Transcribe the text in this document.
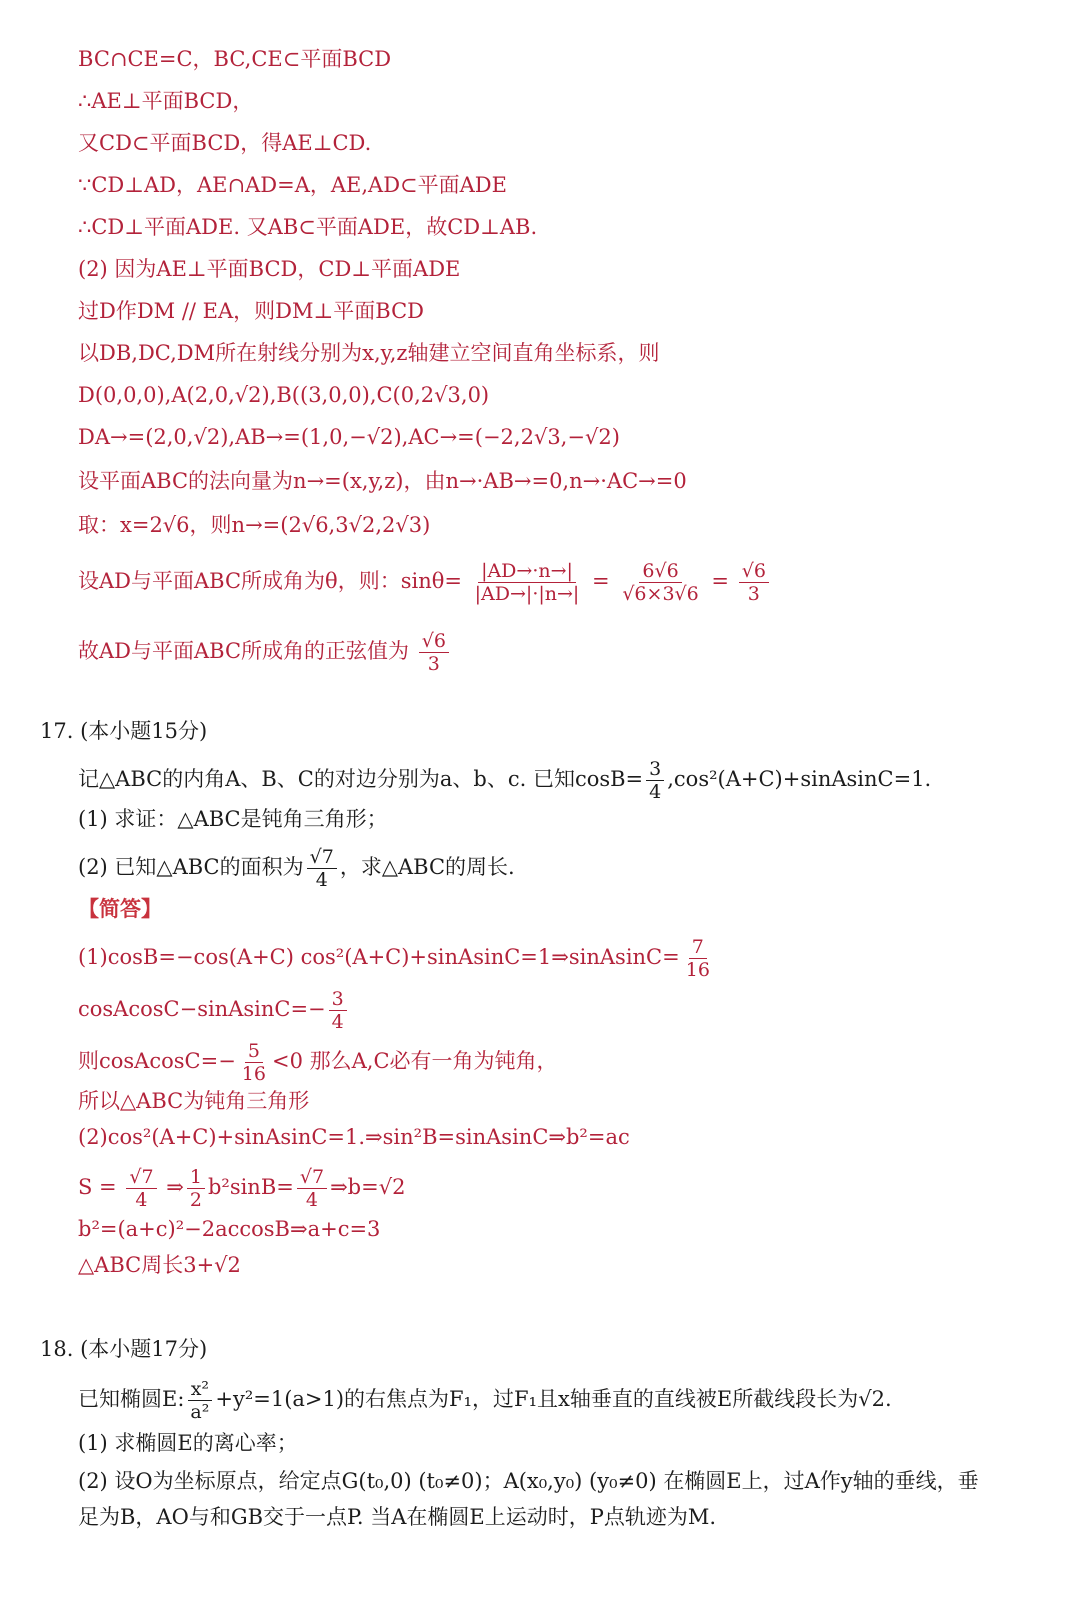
BC∩CE=C，BC,CE⊂平面BCD
∴AE⊥平面BCD，
又CD⊂平面BCD，得AE⊥CD.
∵CD⊥AD，AE∩AD=A，AE,AD⊂平面ADE
∴CD⊥平面ADE. 又AB⊂平面ADE，故CD⊥AB.
(2) 因为AE⊥平面BCD，CD⊥平面ADE
过D作DM // EA，则DM⊥平面BCD
以DB,DC,DM所在射线分别为x,y,z轴建立空间直角坐标系，则
D(0,0,0),A(2,0,√2),B((3,0,0),C(0,2√3,0)
DA→=(2,0,√2),AB→=(1,0,−√2),AC→=(−2,2√3,−√2)
设平面ABC的法向量为n→=(x,y,z)，由n→·AB→=0,n→·AC→=0
取：x=2√6，则n→=(2√6,3√2,2√3)
设AD与平面ABC所成角为θ，则：$\sin\theta= \frac{|AD\to\cdot n\to|}{|AD\to|\cdot|n\to|} = \frac{6√6}{√6\times 3√6} = \frac{√6}{3}$
故AD与平面ABC所成角的正弦值为 $\frac{√6}{3}$
17. (本小题15分)
记△ABC的内角A、B、C的对边分别为a、b、c. 已知$\cos B= \frac{3}{4}$ ,cos²(A+C)+sinAsinC=1.
(1) 求证：△ABC是钝角三角形；
(2) 已知△ABC的面积为 $\frac{√7}{4}$ ，求△ABC的周长.
【简答】
(1)cosB=−cos(A+C) cos²(A+C)+sinAsinC=1⇒sinAsinC= $\frac{7}{16}$
cosAcosC−sinAsinC=− $\frac{3}{4}$
则cosAcosC=− $\frac{5}{16} <0$ 那么A,C必有一角为钝角，
所以△ABC为钝角三角形
(2)cos²(A+C)+sinAsinC=1.⇒sin²B=sinAsinC⇒b²=ac
$S = \frac{√7}{4}$ ⇒ $\frac{1}{2} b^2\sin B= \frac{√7}{4}$ ⇒b=√2
b²=(a+c)²−2accosB⇒a+c=3
△ABC周长3+√2
18. (本小题17分)
已知椭圆E: $\frac{\text{x²}}{\text{a²}} +y^2=1(a>1)$的右焦点为F₁，过F₁且x轴垂直的直线被E所截线段长为√2.
(1) 求椭圆E的离心率；
(2) 设O为坐标原点，给定点G(t₀,0) (t₀≠0)；A(x₀,y₀) (y₀≠0) 在椭圆E上，过A作y轴的垂线，垂
足为B，AO与和GB交于一点P. 当A在椭圆E上运动时，P点轨迹为M.
